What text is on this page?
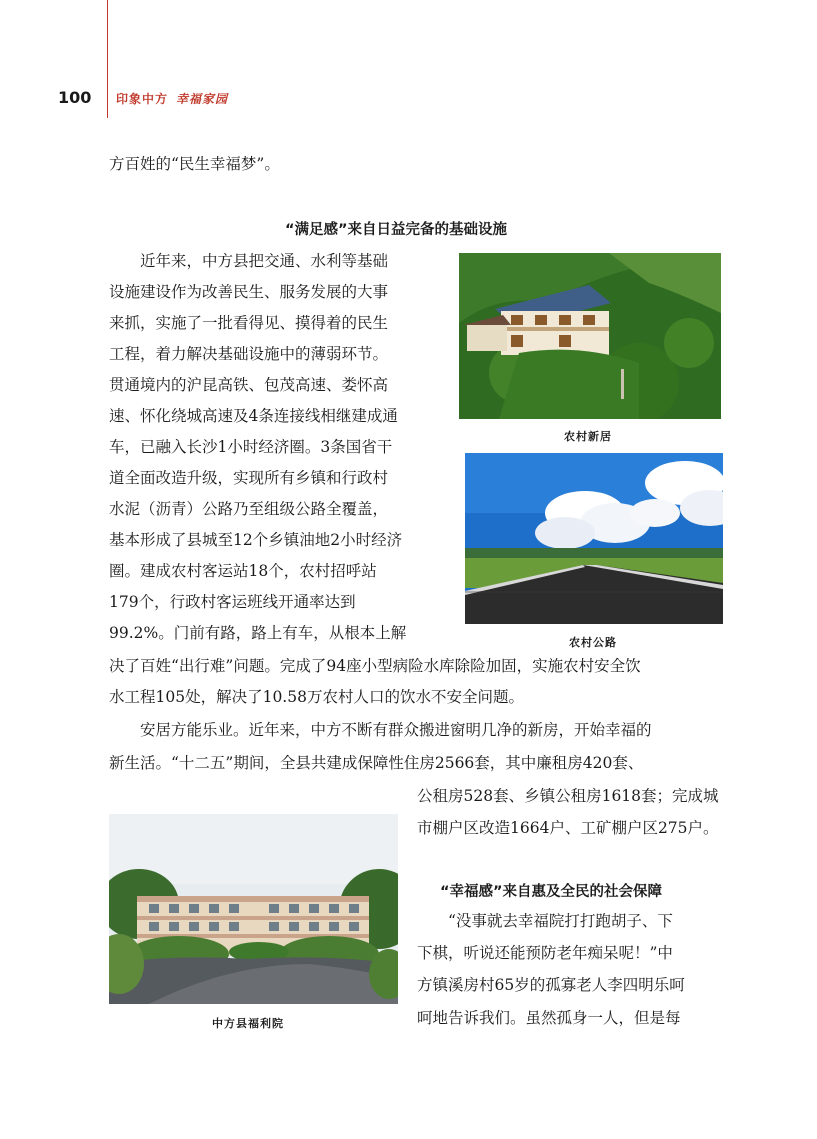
100 印象中方 幸福家园
方百姓的“民生幸福梦”。
“满足感”来自日益完备的基础设施
近年来，中方县把交通、水利等基础
设施建设作为改善民生、服务发展的大事
来抓，实施了一批看得见、摸得着的民生
工程，着力解决基础设施中的薄弱环节。
贯通境内的沪昆高铁、包茂高速、娄怀高
速、怀化绕城高速及4条连接线相继建成通
车，已融入长沙1小时经济圈。3条国省干
道全面改造升级，实现所有乡镇和行政村
水泥（沥青）公路乃至组级公路全覆盖，
基本形成了县城至12个乡镇油地2小时经济
圈。建成农村客运站18个，农村招呼站
179个，行政村客运班线开通率达到
99.2%。门前有路，路上有车，从根本上解
决了百姓“出行难”问题。完成了94座小型病险水库除险加固，实施农村安全饮
水工程105处，解决了10.58万农村人口的饮水不安全问题。
安居方能乐业。近年来，中方不断有群众搬进窗明几净的新房，开始幸福的
新生活。“十二五”期间，全县共建成保障性住房2566套，其中廉租房420套、
公租房528套、乡镇公租房1618套；完成城
市棚户区改造1664户、工矿棚户区275户。
“幸福感”来自惠及全民的社会保障
“没事就去幸福院打打跑胡子、下
下棋，听说还能预防老年痴呆呢！”中
方镇溪房村65岁的孤寡老人李四明乐呵
呵地告诉我们。虽然孤身一人，但是每
农村新居
农村公路
中方县福利院
